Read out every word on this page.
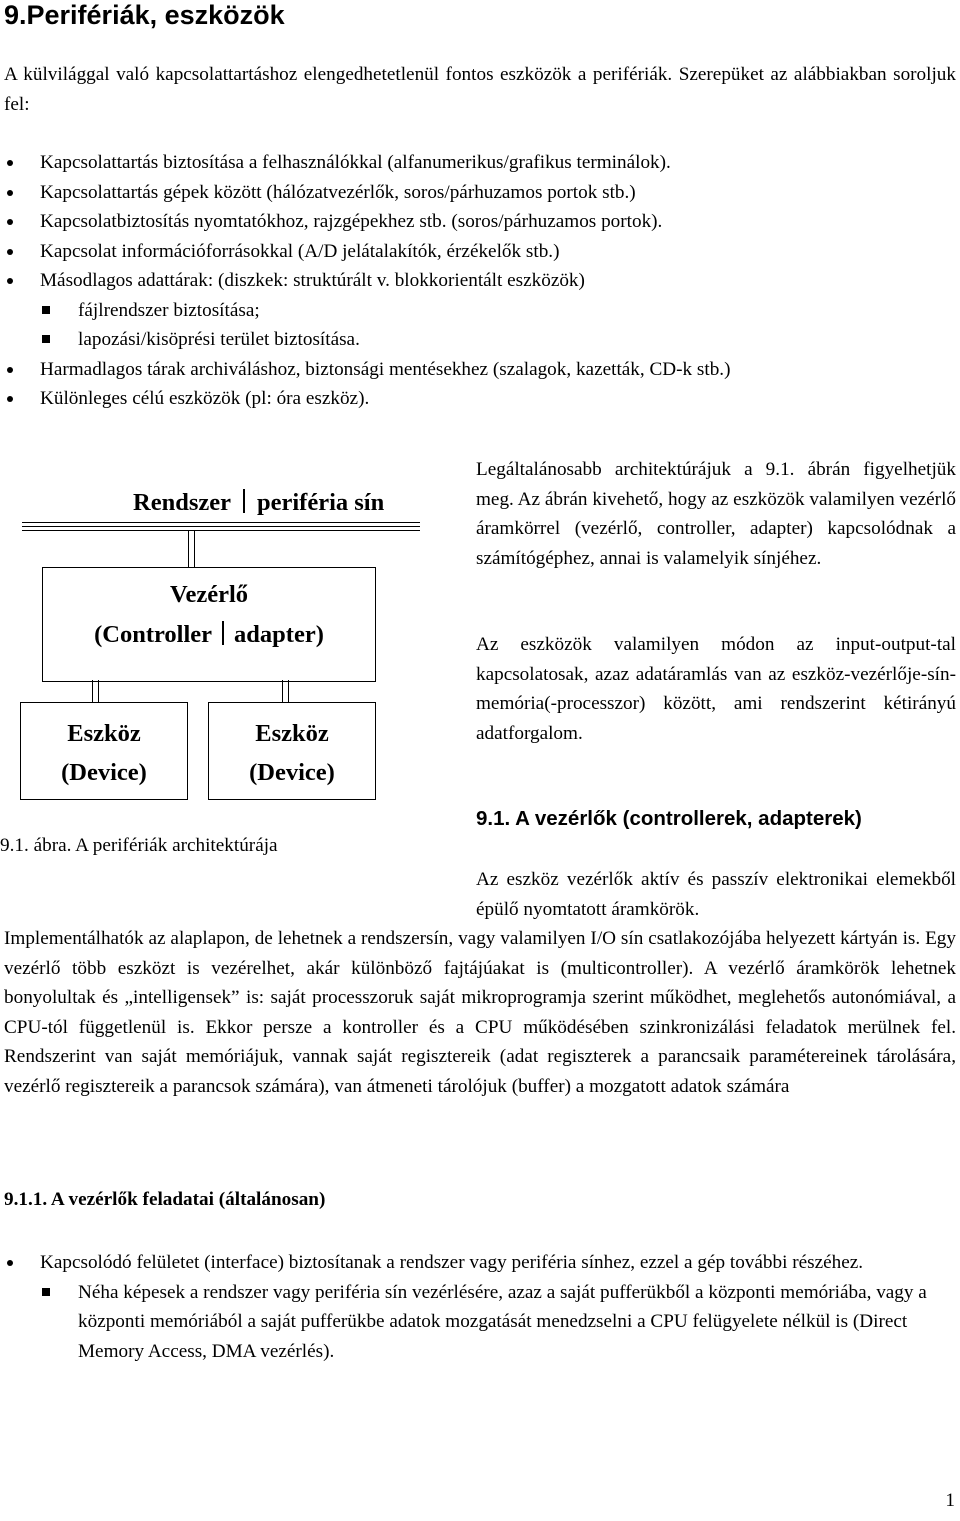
9.Perifériák, eszközök

A külvilággal való kapcsolattartáshoz elengedhetetlenül fontos eszközök a perifériák. Szerepüket az alábbiakban soroljuk fel:

Kapcsolattartás biztosítása a felhasználókkal (alfanumerikus/grafikus terminálok).
Kapcsolattartás gépek között (hálózatvezérlők, soros/párhuzamos portok stb.)
Kapcsolatbiztosítás nyomtatókhoz, rajzgépekhez stb. (soros/párhuzamos portok).
Kapcsolat információforrásokkal (A/D jelátalakítók, érzékelők stb.)
Másodlagos adattárak: (diszkek: struktúrált v. blokkorientált eszközök)
fájlrendszer biztosítása;
lapozási/kisöprési terület biztosítása.
Harmadlagos tárak archiváláshoz, biztonsági mentésekhez (szalagok, kazetták, CD-k stb.)
Különleges célú eszközök (pl: óra eszköz).
Rendszer periféria sín
Vezérlő
(Controller adapter)
Eszköz
(Device)
Eszköz
(Device)
9.1. ábra. A perifériák architektúrája

Legáltalánosabb architektúrájuk a 9.1. ábrán figyelhetjük meg. Az ábrán kivehető, hogy az eszközök valamilyen vezérlő áramkörrel (vezérlő, controller, adapter) kapcsolódnak a számítógéphez, annai is valamelyik sínjéhez.

Az eszközök valamilyen módon az input-output-tal kapcsolatosak, azaz adatáramlás van az eszköz-vezérlője-sín-memória(-processzor) között, ami rendszerint kétirányú adatforgalom.

9.1. A vezérlők (controllerek, adapterek)

Az eszköz vezérlők aktív és passzív elektronikai elemekből épülő nyomtatott áramkörök.

Implementálhatók az alaplapon, de lehetnek a rendszersín, vagy valamilyen I/O sín csatlakozójába helyezett kártyán is. Egy vezérlő több eszközt is vezérelhet, akár különböző fajtájúakat is (multicontroller). A vezérlő áramkörök lehetnek bonyolultak és „intelligensek” is: saját processzoruk saját mikroprogramja szerint működhet, meglehetős autonómiával, a CPU-tól függetlenül is. Ekkor persze a kontroller és a CPU működésében szinkronizálási feladatok merülnek fel. Rendszerint van saját memóriájuk, vannak saját regisztereik (adat regiszterek a parancsaik paramétereinek tárolására, vezérlő regisztereik a parancsok számára), van átmeneti tárolójuk (buffer) a mozgatott adatok számára

9.1.1. A vezérlők feladatai (általánosan)
Kapcsolódó felületet (interface) biztosítanak a rendszer vagy periféria sínhez, ezzel a gép további részéhez.
Néha képesek a rendszer vagy periféria sín vezérlésére, azaz a saját pufferükből a központi memóriába, vagy a központi memóriából a saját pufferükbe adatok mozgatását menedzselni a CPU felügyelete nélkül is (Direct Memory Access, DMA vezérlés).
1
